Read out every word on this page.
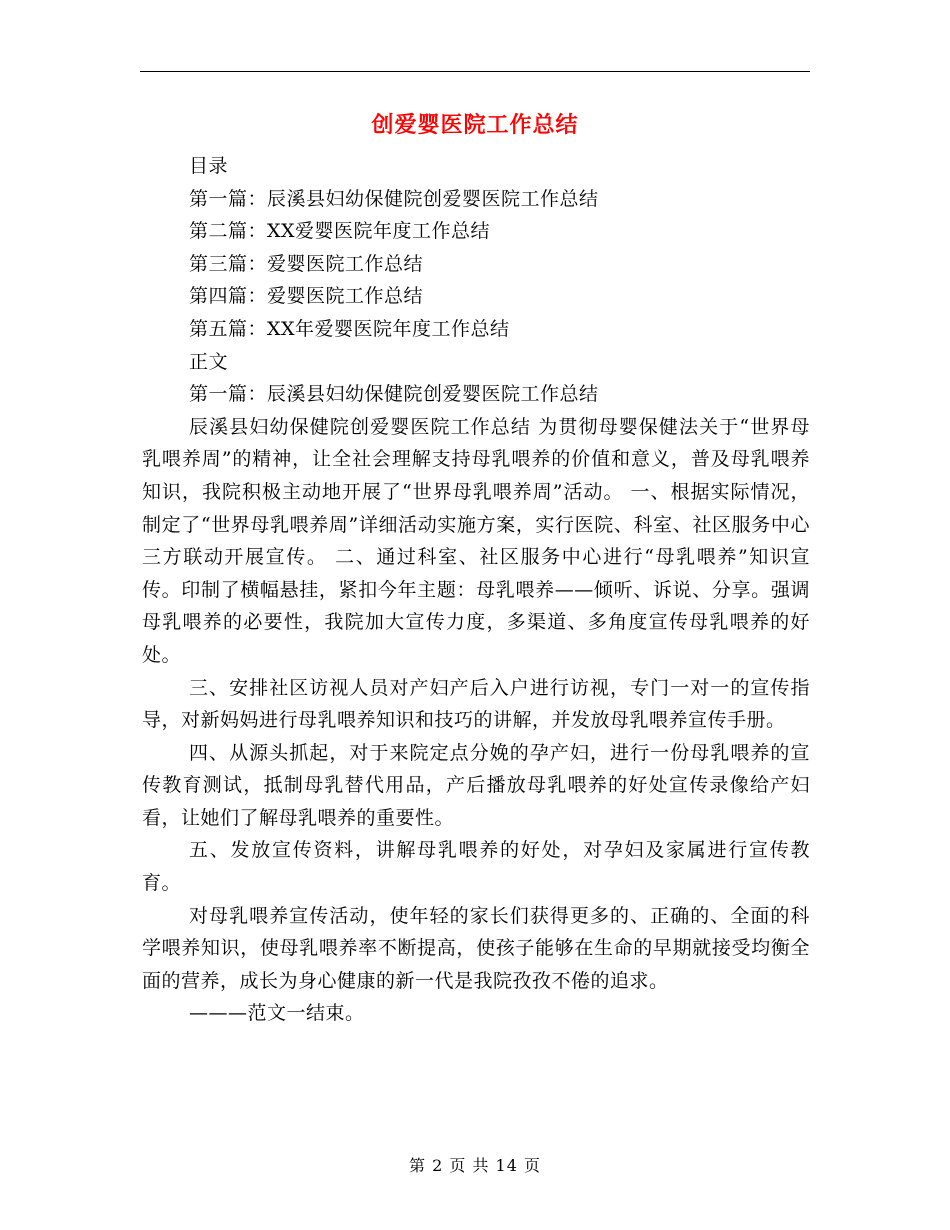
创爱婴医院工作总结

目录

第一篇：辰溪县妇幼保健院创爱婴医院工作总结

第二篇：XX爱婴医院年度工作总结

第三篇：爱婴医院工作总结

第四篇：爱婴医院工作总结

第五篇：XX年爱婴医院年度工作总结

正文

第一篇：辰溪县妇幼保健院创爱婴医院工作总结

辰溪县妇幼保健院创爱婴医院工作总结 为贯彻母婴保健法关于“世界母乳喂养周”的精神，让全社会理解支持母乳喂养的价值和意义，普及母乳喂养知识，我院积极主动地开展了“世界母乳喂养周”活动。 一、根据实际情况，制定了“世界母乳喂养周”详细活动实施方案，实行医院、科室、社区服务中心三方联动开展宣传。 二、通过科室、社区服务中心进行“母乳喂养”知识宣传。印制了横幅悬挂，紧扣今年主题：母乳喂养——倾听、诉说、分享。强调母乳喂养的必要性，我院加大宣传力度，多渠道、多角度宣传母乳喂养的好处。

三、安排社区访视人员对产妇产后入户进行访视，专门一对一的宣传指导，对新妈妈进行母乳喂养知识和技巧的讲解，并发放母乳喂养宣传手册。

四、从源头抓起，对于来院定点分娩的孕产妇，进行一份母乳喂养的宣传教育测试，抵制母乳替代用品，产后播放母乳喂养的好处宣传录像给产妇看，让她们了解母乳喂养的重要性。

五、发放宣传资料，讲解母乳喂养的好处，对孕妇及家属进行宣传教育。

对母乳喂养宣传活动，使年轻的家长们获得更多的、正确的、全面的科学喂养知识，使母乳喂养率不断提高，使孩子能够在生命的早期就接受均衡全面的营养，成长为身心健康的新一代是我院孜孜不倦的追求。

———范文一结束。

第 2 页 共 14 页
